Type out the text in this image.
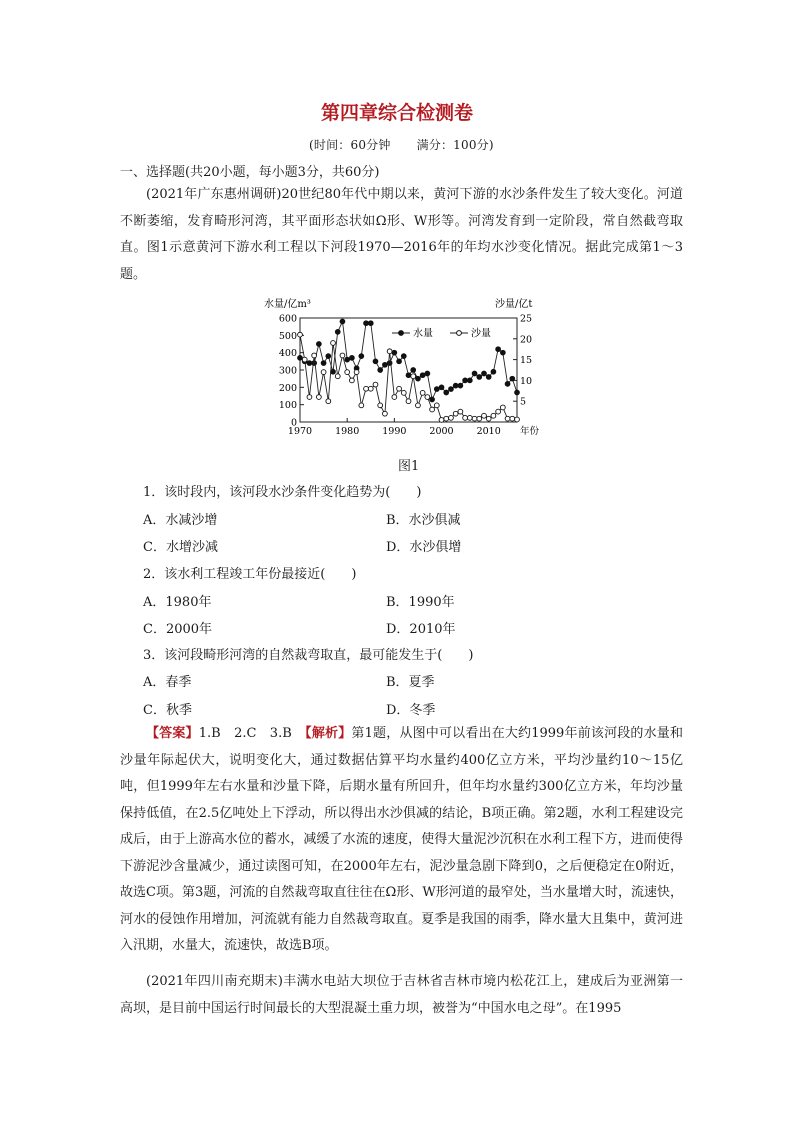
第四章综合检测卷
(时间：60分钟 满分：100分)
一、选择题(共20小题，每小题3分，共60分)

(2021年广东惠州调研)20世纪80年代中期以来，黄河下游的水沙条件发生了较大变化。河道不断萎缩，发育畸形河湾，其平面形态状如Ω形、W形等。河湾发育到一定阶段，常自然截弯取直。图1示意黄河下游水利工程以下河段1970—2016年的年均水沙变化情况。据此完成第1～3题。

水量/亿m³	沙量/亿t
0
100
200
300
400
500
600
5
10
15
20
25
1970 1980 1990 2000 2010 年份
水量	沙量
图1
1．该时段内，该河段水沙条件变化趋势为(　　)
A．水减沙增	B．水沙俱减
C．水增沙减	D．水沙俱增
2．该水利工程竣工年份最接近(　　)
A．1980年	B．1990年
C．2000年	D．2010年
3．该河段畸形河湾的自然裁弯取直，最可能发生于(　　)
A．春季	B．夏季
C．秋季	D．冬季

【答案】1.B　2.C　3.B　 【解析】第1题，从图中可以看出在大约1999年前该河段的水量和沙量年际起伏大，说明变化大，通过数据估算平均水量约400亿立方米，平均沙量约10～15亿吨，但1999年左右水量和沙量下降，后期水量有所回升，但年均水量约300亿立方米，年均沙量保持低值，在2.5亿吨处上下浮动，所以得出水沙俱减的结论，B项正确。第2题，水利工程建设完成后，由于上游高水位的蓄水，减缓了水流的速度，使得大量泥沙沉积在水利工程下方，进而使得下游泥沙含量减少，通过读图可知，在2000年左右，泥沙量急剧下降到0，之后便稳定在0附近，故选C项。第3题，河流的自然裁弯取直往往在Ω形、W形河道的最窄处，当水量增大时，流速快，河水的侵蚀作用增加，河流就有能力自然裁弯取直。夏季是我国的雨季，降水量大且集中，黄河进入汛期，水量大，流速快，故选B项。

(2021年四川南充期末)丰满水电站大坝位于吉林省吉林市境内松花江上，建成后为亚洲第一高坝，是目前中国运行时间最长的大型混凝土重力坝，被誉为“中国水电之母”。在1995
